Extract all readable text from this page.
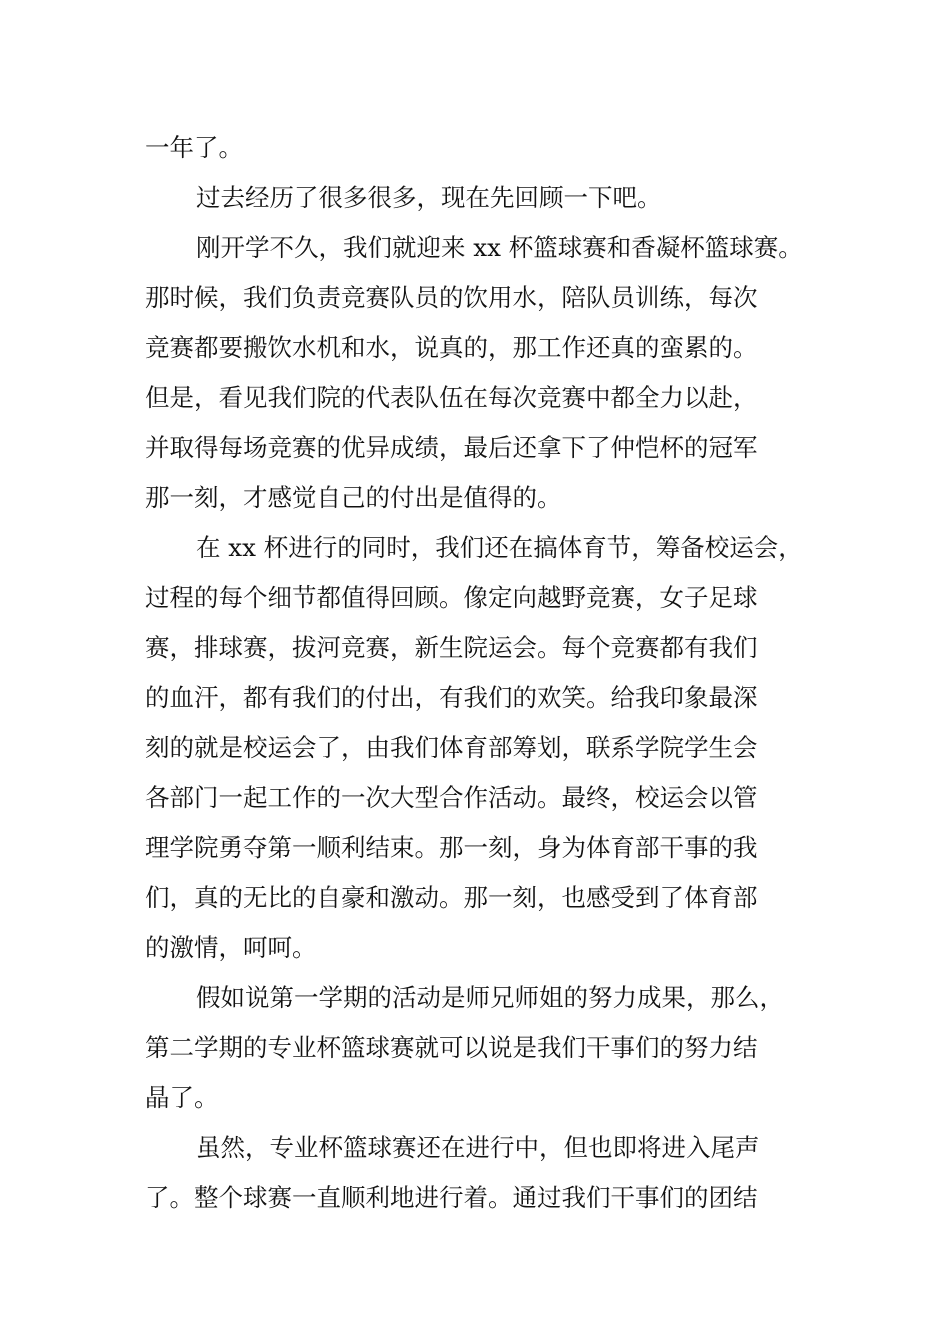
一年了。
过去经历了很多很多，现在先回顾一下吧。
刚开学不久，我们就迎来 xx 杯篮球赛和香凝杯篮球赛。
那时候，我们负责竞赛队员的饮用水，陪队员训练，每次
竞赛都要搬饮水机和水，说真的，那工作还真的蛮累的。
但是，看见我们院的代表队伍在每次竞赛中都全力以赴，
并取得每场竞赛的优异成绩，最后还拿下了仲恺杯的冠军
那一刻，才感觉自己的付出是值得的。
在 xx 杯进行的同时，我们还在搞体育节，筹备校运会，
过程的每个细节都值得回顾。像定向越野竞赛，女子足球
赛，排球赛，拔河竞赛，新生院运会。每个竞赛都有我们
的血汗，都有我们的付出，有我们的欢笑。给我印象最深
刻的就是校运会了，由我们体育部筹划，联系学院学生会
各部门一起工作的一次大型合作活动。最终，校运会以管
理学院勇夺第一顺利结束。那一刻，身为体育部干事的我
们，真的无比的自豪和激动。那一刻，也感受到了体育部
的激情，呵呵。
假如说第一学期的活动是师兄师姐的努力成果，那么，
第二学期的专业杯篮球赛就可以说是我们干事们的努力结
晶了。
虽然，专业杯篮球赛还在进行中，但也即将进入尾声
了。整个球赛一直顺利地进行着。通过我们干事们的团结
